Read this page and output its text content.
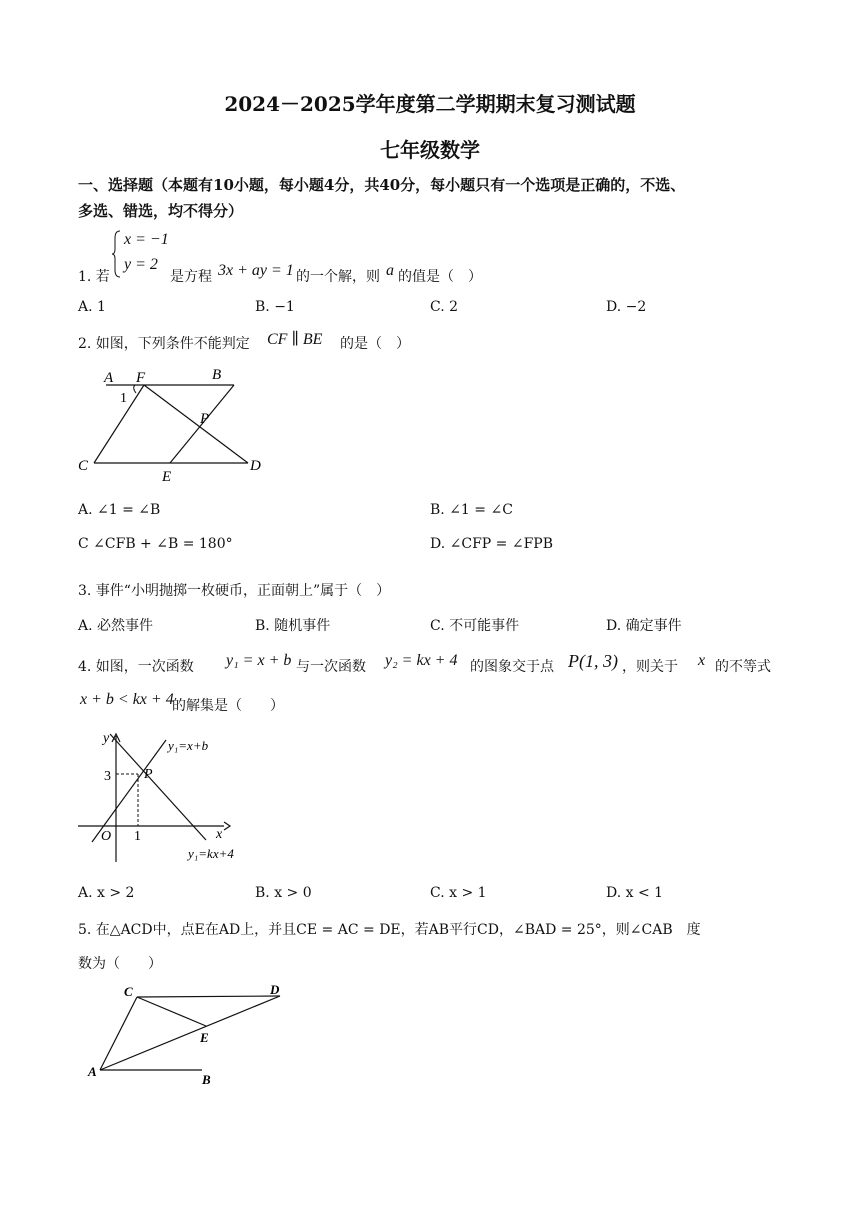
2024－2025学年度第二学期期末复习测试题
七年级数学
一、选择题（本题有10小题，每小题4分，共40分，每小题只有一个选项是正确的，不选、
多选、错选，均不得分）
x = −1
y = 2
1. 若	是方程 3x + ay = 1 的一个解，则 a 的值是（　）
A. 1	B. −1	C. 2	D. −2
2. 如图，下列条件不能判定 CF ∥ BE 的是（　）
A F	B
1
P
C
E
D
A. ∠1 = ∠B	B. ∠1 = ∠C
C ∠CFB + ∠B = 180°	D. ∠CFP = ∠FPB
3. 事件“小明抛掷一枚硬币，正面朝上”属于（　）
A. 必然事件	B. 随机事件	C. 不可能事件	D. 确定事件
4. 如图，一次函数 y₁ = x + b 与一次函数 y₂ = kx + 4 的图象交于点 P(1, 3) ，则关于 x 的不等式
x + b < kx + 4
的解集是（　　）
y
x
O
3
1
P
y₁=x+b
y₁=kx+4
A. x > 2	B. x > 0	C. x > 1	D. x < 1
5. 在△ACD中，点E在AD上，并且CE = AC = DE，若AB平行CD，∠BAD = 25°，则∠CAB　度
数为（　　）
C	D
E
A
B
